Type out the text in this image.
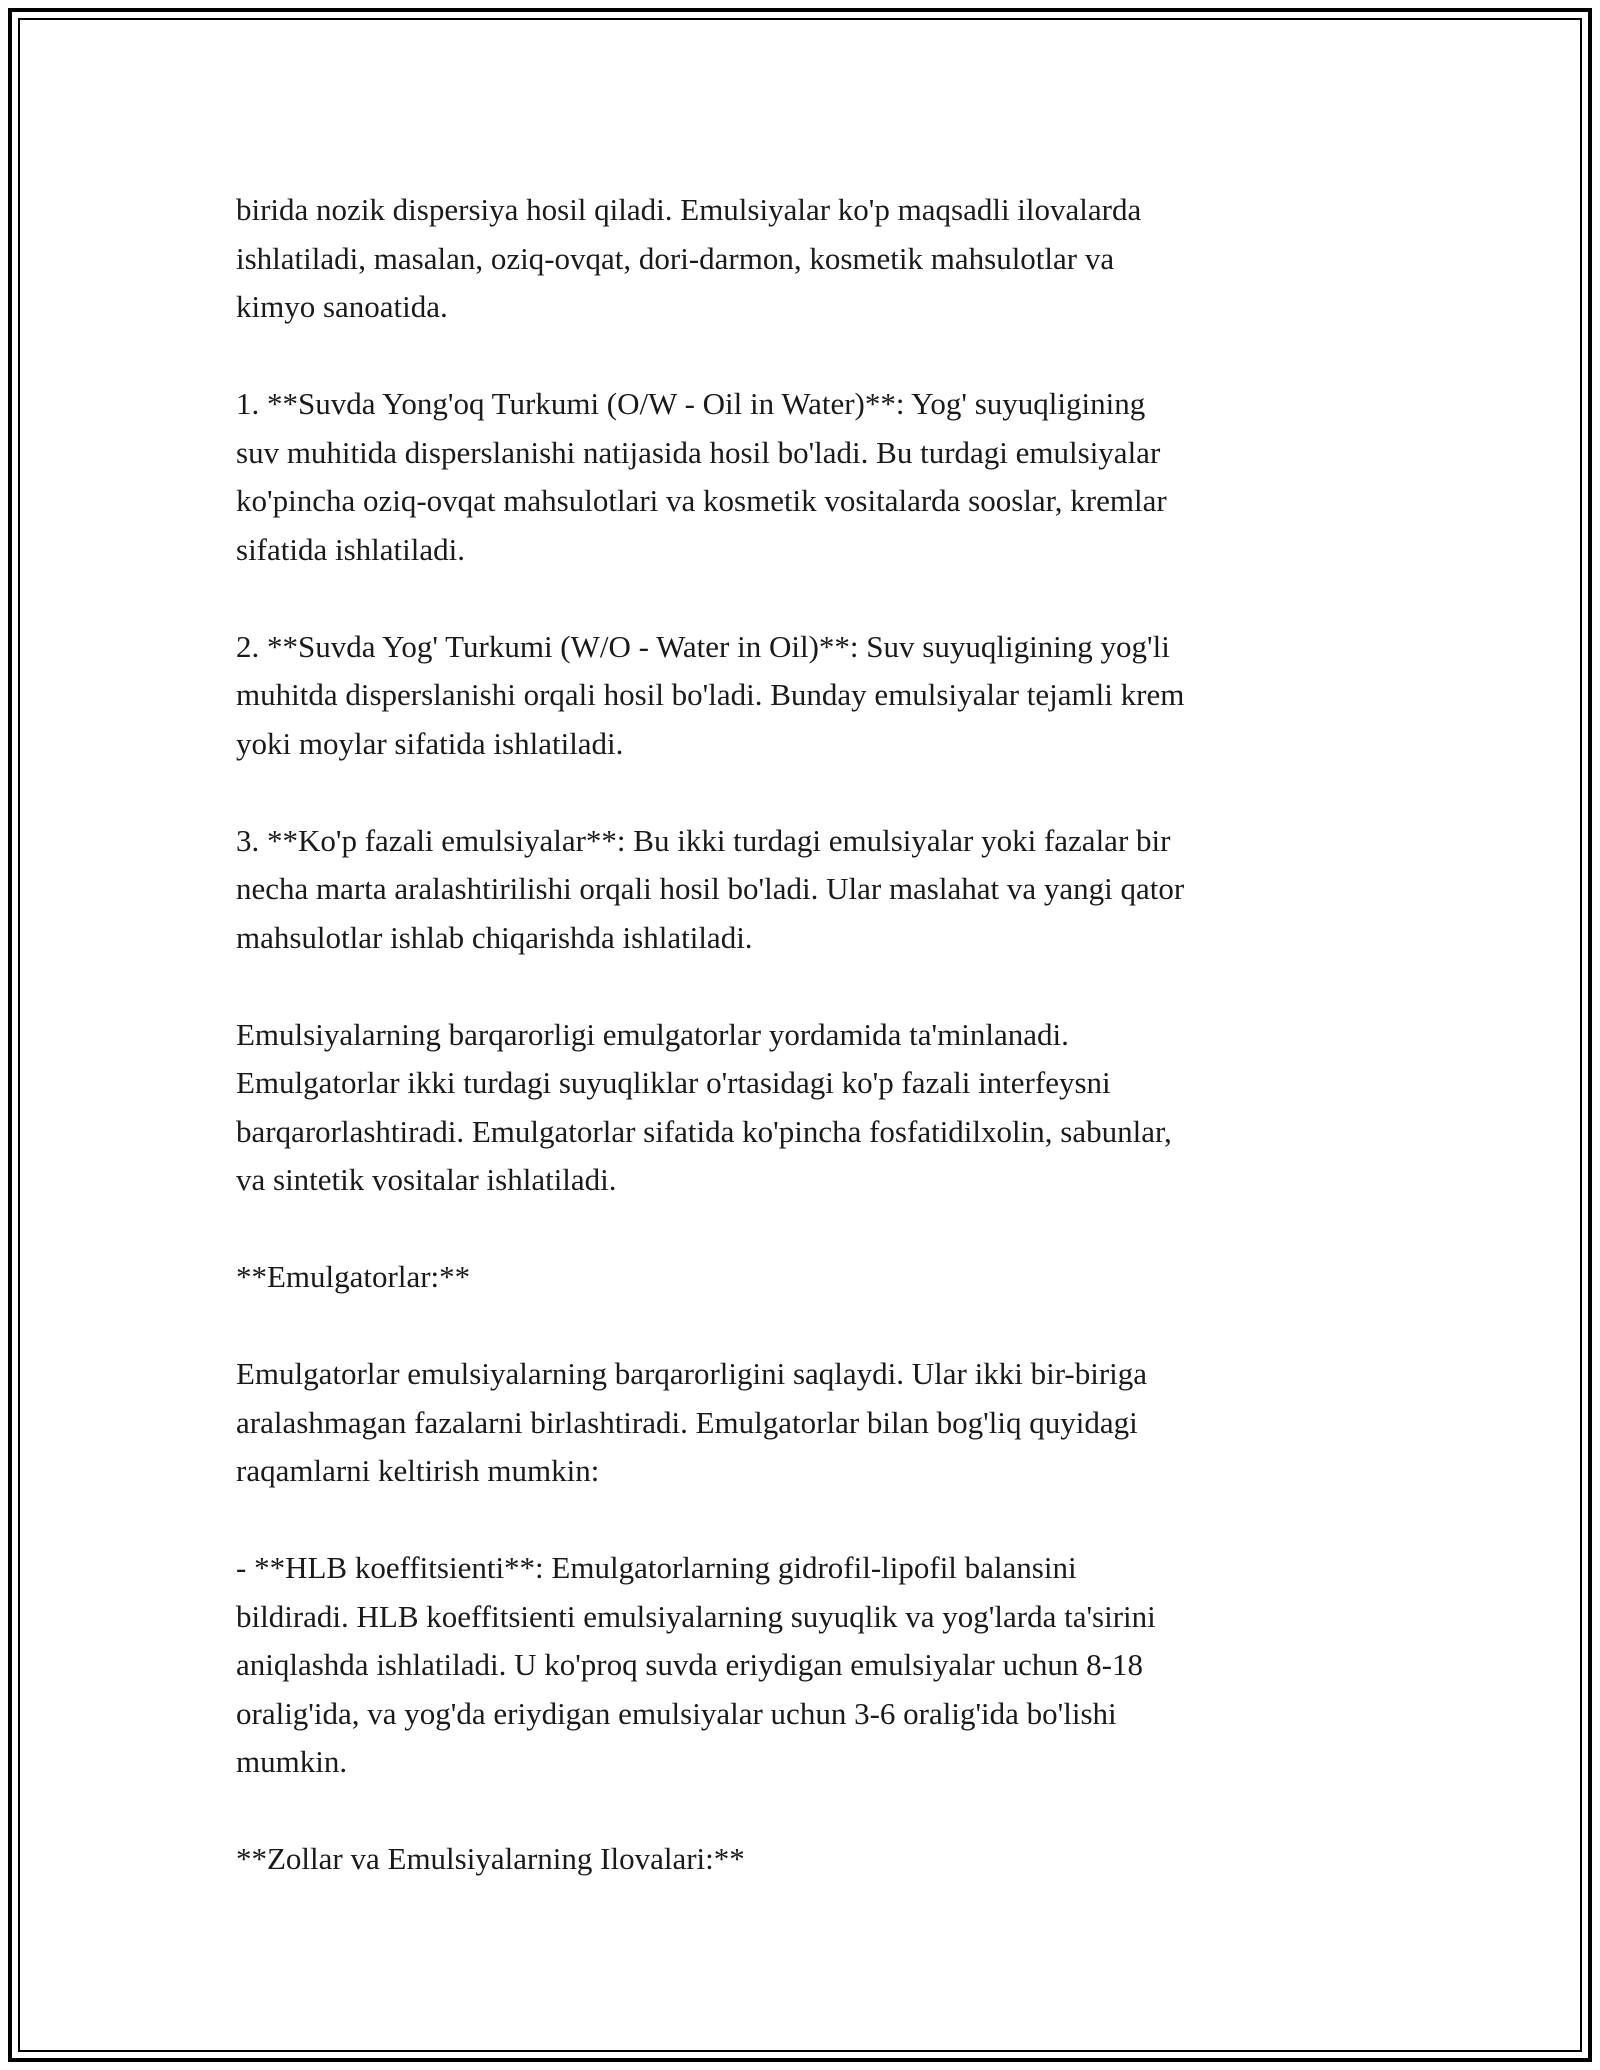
birida nozik dispersiya hosil qiladi. Emulsiyalar ko'p maqsadli ilovalarda
ishlatiladi, masalan, oziq-ovqat, dori-darmon, kosmetik mahsulotlar va
kimyo sanoatida.

1. **Suvda Yong'oq Turkumi (O/W - Oil in Water)**: Yog' suyuqligining
suv muhitida disperslanishi natijasida hosil bo'ladi. Bu turdagi emulsiyalar
ko'pincha oziq-ovqat mahsulotlari va kosmetik vositalarda sooslar, kremlar
sifatida ishlatiladi.

2. **Suvda Yog' Turkumi (W/O - Water in Oil)**: Suv suyuqligining yog'li
muhitda disperslanishi orqali hosil bo'ladi. Bunday emulsiyalar tejamli krem
yoki moylar sifatida ishlatiladi.

3. **Ko'p fazali emulsiyalar**: Bu ikki turdagi emulsiyalar yoki fazalar bir
necha marta aralashtirilishi orqali hosil bo'ladi. Ular maslahat va yangi qator
mahsulotlar ishlab chiqarishda ishlatiladi.

Emulsiyalarning barqarorligi emulgatorlar yordamida ta'minlanadi.
Emulgatorlar ikki turdagi suyuqliklar o'rtasidagi ko'p fazali interfeysni
barqarorlashtiradi. Emulgatorlar sifatida ko'pincha fosfatidilxolin, sabunlar,
va sintetik vositalar ishlatiladi.

**Emulgatorlar:**

Emulgatorlar emulsiyalarning barqarorligini saqlaydi. Ular ikki bir-biriga
aralashmagan fazalarni birlashtiradi. Emulgatorlar bilan bog'liq quyidagi
raqamlarni keltirish mumkin:

- **HLB koeffitsienti**: Emulgatorlarning gidrofil-lipofil balansini
bildiradi. HLB koeffitsienti emulsiyalarning suyuqlik va yog'larda ta'sirini
aniqlashda ishlatiladi. U ko'proq suvda eriydigan emulsiyalar uchun 8-18
oralig'ida, va yog'da eriydigan emulsiyalar uchun 3-6 oralig'ida bo'lishi
mumkin.

**Zollar va Emulsiyalarning Ilovalari:**
